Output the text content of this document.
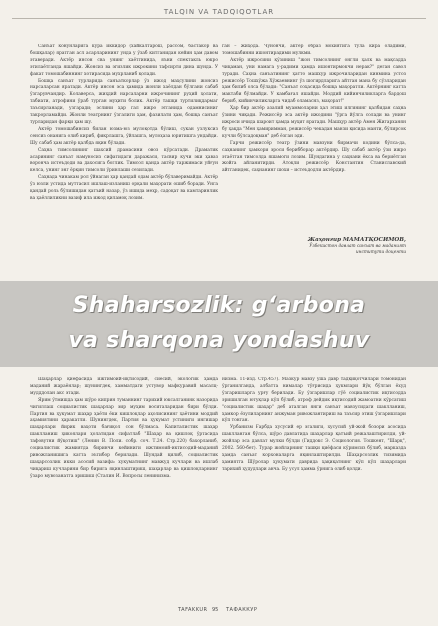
TALQIN VA TADQIQOTLAR

Санъат конунларига кўра иккидор (хайкалтарош, рассом, бастакор ва бошқалар) яратган асл асарларининг унда у ўзаб китганидан кейин ҳам давом этаверади. Актёр инсон сва унинг хаётгинида, яъни спектакль юкро этилаётганда яшайди. Жонсиз ва эгизлик ижрокини тафсирти дина шунда. У факат томошабиннинг хотирасида мухрланиб қолади.

Бошқа санъат турларида санъаткорлар ўз ижод маҳсулини жонсиз нарсаларсан яратади. Актёр инсон эса ҳамида жонли хаёлдан бўлгани сабаб ўзгарувчандир. Колаверса, жиҳдий нарсаларни ижрочининг руҳий ҳолати, табиати, атрофини ўраб турган муҳити болик. Актёр ташқи туртилиқдармаг таъсирланади, узгаради; эслини ҳар гал ижро этганида одамнисиниг такрорламайди. Жонли театрнинг ўзгалиги ҳам, фазилати ҳам, бошқа санъат турларидан фарқи ҳам шу.

Актёр томошабинсиз билан юзма-юз мулоқотда бўлиш, сукан узлуксиз сенсиз онанига олиб кириб, фикрлашга, ўйлашга, мулоҳаза юритишга ундайди. Шу сабаб ҳам актёр қалбда яқин бўлади.

Саҳна тимсолининг шахсий драмасини овоз кўрсатади. Драматик асарининг санъат намуносиз сифатидаги даражаси, тасвир кучи эки ҳаваз воронча истеъдоди ва дахосига боглик. Тимсол қанда актёр таржимаси уйғун келса, унинг энг ёрқин тимсоли ўринлаши сезилади.

Саҳнада чинакам рол ўйнаган ҳар қандай одам актёр бўлаверимайди. Актёр ўз юзли устида муттасил ишлаш-изланиш орқали маҳорати ошиб боради. Унга қандай роль бўлишидан қатъий назар, ўз ишида меҳр, садоқат ва камтаринлик ва ҳаёллиликни вазиф ила ижод қиламоқ лозим.

ган – жиҳода. Чунончи, актёр образ мохиятига тўла кира оладими, томошабинни ишонтирадими мулкми.

Актёр ижросини қўзиниш "жон тимсолнинг онгли ҳалк ва мақсадда чиқаман, уни намага у-радими ҳамда ишонтирмокчи нерак?" деган савол туради. Саҳна санъатининг ҳатто машхур ижрочиларидан кинмина устоз режиссёр Тошхўжа Хўжаевнинг ўз шогирдларига айтган мана бу сўзларидан ҳам билиб олса бўлади: "Санъат соҳасида бошқа маҳоратли. Актёрнинг катта мактаби бўлмайди. У камбағал яшайди. Моддий кийинчиликларга бардош бериб, кийинчиликларга чидаб оламаснз, маҳорат!"

Ҳар бир актёр азалий муаммоларни ҳал этиш илгининг қалбидан саҳна ўзини чиқади. Режиссёр эса актёр ижодини "ўрга йўлга солади ва унинг ижроси ичида шароит ҳамда муҳит яратади. Машҳур актёр Амен Жигарханян бу ҳақда "Мен ҳамиримман, режиссёр чекадан манзи қисида манти, бўлирсок кучли бўлсадоқман" деб ёзган эди.

Гарчи режиссёр театр ўзини мавзуни бирмачи кодини бўлса-да, саҳнанинг ҳамкори эроси берибборар актёрдир. Шу сабаб актёр ўзи ижро этаётган тимсолда яшамоги лозим. Шундагина у саҳнани ёкса ва бериётган жойга айланитирди. Атоқли режиссёр Константин Станиславский айтганидек, саҳнанинг шохи – истеъдодли актёрдир.

Жаҳонгир МАМАТҚОСИМОВ,
Ўзбекистон давлат санъат ва маданият
институти доценти
Shaharsozlik: g‘arbona
va sharqona yondashuv

Шаҳарлар қиёфасида ижтимоий-иқтисодий, сиёсий, экологик ҳамда маданий жараёнлар; шунингдек, хамматдаги устувор мафкуравий масалц-мудддолан акс этади.

Ярим ўтмишда ҳам шўро киприн туманнинг тарихий юксалганинк назорида чигиллаш социалистик шаҳарлар эир муҳим воситаларидан бири бўлди. Партия ва ҳукумат шаҳар ҳаёти ёки кишлоқлар аҳолисининг ҳаётини моддий аҳамиятини ҳаракатли. Шунингдек, Партия ва ҳукумат устиниги ингишар шаҳарлари йирик ваҳоти бағиқол сон бўлмаса. Капиталистик шаҳар шаклланиш ҳикоялари ҳолатидан сифатлаб "Шаҳар ва қишлоқ ўртасида тафовутни йўқотиш" (Ленин В. Поли. собр. соч. Т.24. Стр.220) бахорланиб, социалистик жамиятда биринчи кейиниги ижтимоий-иктисодий-маданий ривожланишига катта эътибор берилади. Шундай қилиб, социалистик шаҳарсозлик икки асосий вазифа: хукуматнинг мавжуд кучлари ва ишлаб чиқариш кучларини бир бирига яқинлаштириш, шаҳарлар ва қишлоқларнинг ўзаро мувозанатга эришиш (Сталин И. Вопросы ленинизма.

низма. 11-изд. Стр.457). Мазкур мавзу ўша давр тадқиқотчилари томонидан ўрганилганда, албатта нималар тўғрисида ҳукмлари йўқ бўлган ёхуд ўзгаришларга урғу берилади. Бу ўзгаришлар гўё социалистик иқтисодда эришилган ютуқлар кўп бўлиб, атроф дейдик иқтисодий жамоатни кўрсатиш "социалистик шаҳар" деб аталган янги санъат мавзусидаги шаклланиш, ҳамкор ёзулиларнинг анжуман ривожлантириш ва таъсир этиш ўзгаришлари кўп тонган.

Урбанизм Ғарбда хусусий ер эгалиги, хусусий уй-жой бозори асосида шаклланган бўлса, шўро давлатида шаҳарлар қатъий режалаштирилди, уй-жойлар эса давлат мулки бўлди (Гиддокс Э. Социология. Тошкент, "Шарқ", 2002. 560-бет). Турар жойларнинг ташқи қиёфаси кўримсиз бўлиб, марказда ҳамда санъат корхоналарга яқинлаштирилди. Шаҳарсозлик тизимида ҳамиятга Шўролар ҳукумати даврида ҳақиқатнинг кўп кўп шаҳарлари тарихий ҳудудлари анча. Бу усул ҳамма ўрнига олиб қолди.

TAFAKKUR 95 ТАФАККУР
